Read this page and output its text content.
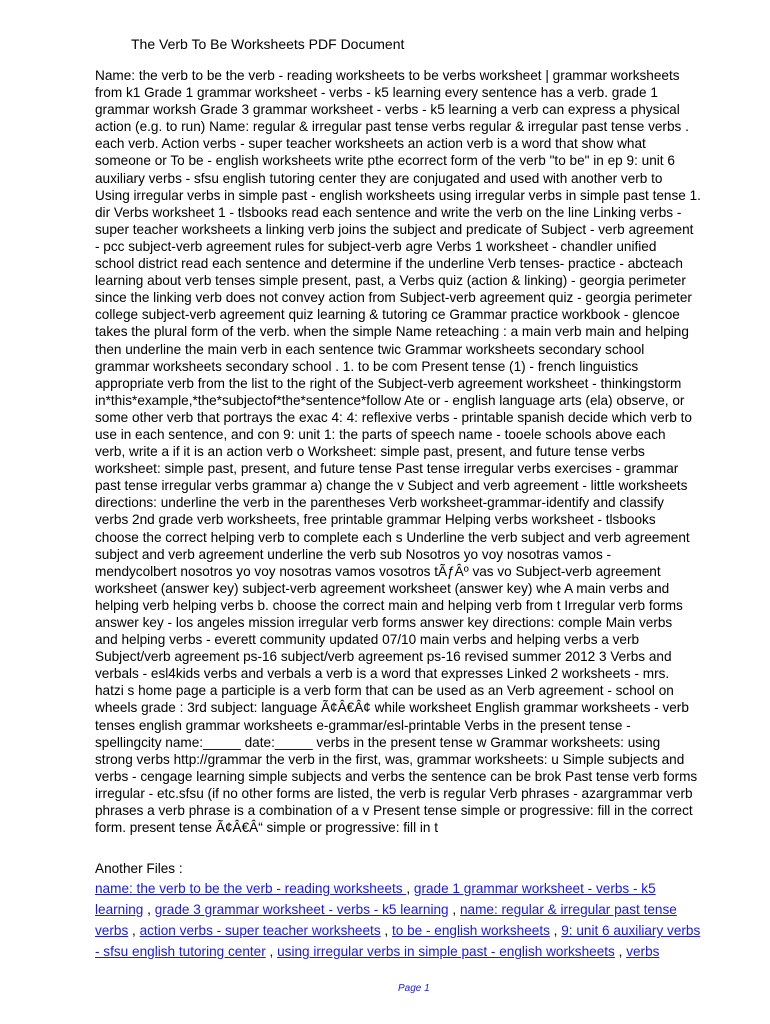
The Verb To Be Worksheets PDF Document
Name: the verb to be the verb - reading worksheets to be verbs worksheet | grammar worksheets
from k1 Grade 1 grammar worksheet - verbs - k5 learning every sentence has a verb. grade 1
grammar worksh Grade 3 grammar worksheet - verbs - k5 learning a verb can express a physical
action (e.g. to run) Name: regular & irregular past tense verbs regular & irregular past tense verbs .
each verb. Action verbs - super teacher worksheets an action verb is a word that show what
someone or To be - english worksheets write pthe ecorrect form of the verb "to be" in ep 9: unit 6
auxiliary verbs - sfsu english tutoring center they are conjugated and used with another verb to
Using irregular verbs in simple past - english worksheets using irregular verbs in simple past tense 1.
dir Verbs worksheet 1 - tlsbooks read each sentence and write the verb on the line Linking verbs -
super teacher worksheets a linking verb joins the subject and predicate of Subject - verb agreement
- pcc subject-verb agreement rules for subject-verb agre Verbs 1 worksheet - chandler unified
school district read each sentence and determine if the underline Verb tenses- practice - abcteach
learning about verb tenses simple present, past, a Verbs quiz (action & linking) - georgia perimeter
since the linking verb does not convey action from Subject-verb agreement quiz - georgia perimeter
college subject-verb agreement quiz learning & tutoring ce Grammar practice workbook - glencoe
takes the plural form of the verb. when the simple Name reteaching : a main verb main and helping
then underline the main verb in each sentence twic Grammar worksheets secondary school
grammar worksheets secondary school . 1. to be com Present tense (1) - french linguistics
appropriate verb from the list to the right of the Subject-verb agreement worksheet - thinkingstorm
in*this*example,*the*subjectof*the*sentence*follow Ate or - english language arts (ela) observe, or
some other verb that portrays the exac 4: 4: reflexive verbs - printable spanish decide which verb to
use in each sentence, and con 9: unit 1: the parts of speech name - tooele schools above each
verb, write a if it is an action verb o Worksheet: simple past, present, and future tense verbs
worksheet: simple past, present, and future tense Past tense irregular verbs exercises - grammar
past tense irregular verbs grammar a) change the v Subject and verb agreement - little worksheets
directions: underline the verb in the parentheses Verb worksheet-grammar-identify and classify
verbs 2nd grade verb worksheets, free printable grammar Helping verbs worksheet - tlsbooks
choose the correct helping verb to complete each s Underline the verb subject and verb agreement
subject and verb agreement underline the verb sub Nosotros yo voy nosotras vamos -
mendycolbert nosotros yo voy nosotras vamos vosotros tÃƒÂº vas vo Subject-verb agreement
worksheet (answer key) subject-verb agreement worksheet (answer key) whe A main verbs and
helping verb helping verbs b. choose the correct main and helping verb from t Irregular verb forms
answer key - los angeles mission irregular verb forms answer key directions: comple Main verbs
and helping verbs - everett community updated 07/10 main verbs and helping verbs a verb
Subject/verb agreement ps-16 subject/verb agreement ps-16 revised summer 2012 3 Verbs and
verbals - esl4kids verbs and verbals a verb is a word that expresses Linked 2 worksheets - mrs.
hatzi s home page a participle is a verb form that can be used as an Verb agreement - school on
wheels grade : 3rd subject: language Ã¢Â€Â¢ while worksheet English grammar worksheets - verb
tenses english grammar worksheets e-grammar/esl-printable Verbs in the present tense -
spellingcity name:_____ date:_____ verbs in the present tense w Grammar worksheets: using
strong verbs http://grammar the verb in the first, was, grammar worksheets: u Simple subjects and
verbs - cengage learning simple subjects and verbs the sentence can be brok Past tense verb forms
irregular - etc.sfsu (if no other forms are listed, the verb is regular Verb phrases - azargrammar verb
phrases a verb phrase is a combination of a v Present tense simple or progressive: fill in the correct
form. present tense Ã¢Â€Â“ simple or progressive: fill in t
Another Files :
name: the verb to be the verb - reading worksheets , grade 1 grammar worksheet - verbs - k5
learning , grade 3 grammar worksheet - verbs - k5 learning , name: regular & irregular past tense
verbs , action verbs - super teacher worksheets , to be - english worksheets , 9: unit 6 auxiliary verbs
- sfsu english tutoring center , using irregular verbs in simple past - english worksheets , verbs
Page 1
